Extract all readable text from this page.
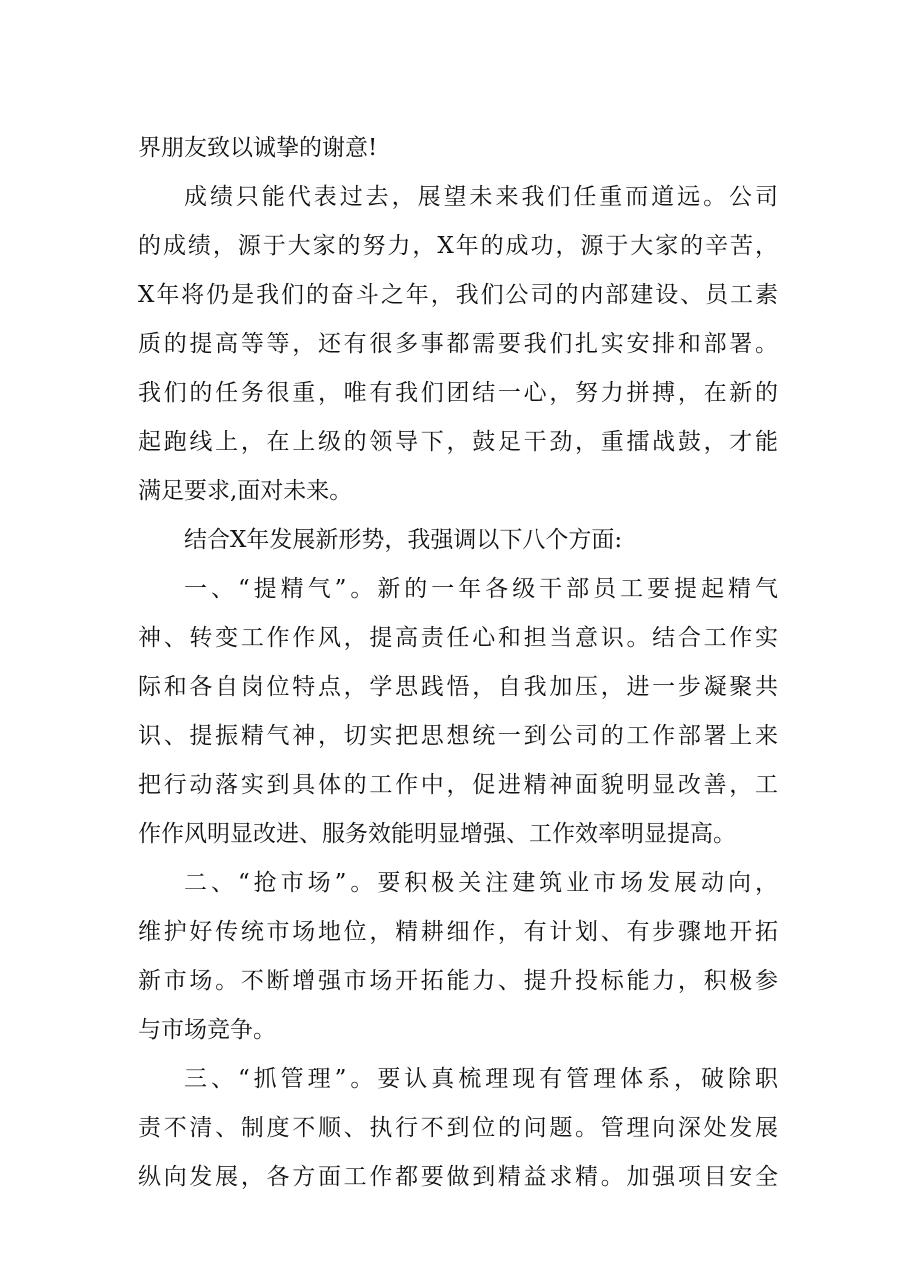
界朋友致以诚挚的谢意!
成绩只能代表过去，展望未来我们任重而道远。公司
的成绩，源于大家的努力，X年的成功，源于大家的辛苦，
X年将仍是我们的奋斗之年，我们公司的内部建设、员工素
质的提高等等，还有很多事都需要我们扎实安排和部署。
我们的任务很重，唯有我们团结一心，努力拼搏，在新的
起跑线上，在上级的领导下，鼓足干劲，重擂战鼓，才能
满足要求,面对未来。
结合X年发展新形势，我强调以下八个方面:
一、“提精气”。新的一年各级干部员工要提起精气
神、转变工作作风，提高责任心和担当意识。结合工作实
际和各自岗位特点，学思践悟，自我加压，进一步凝聚共
识、提振精气神，切实把思想统一到公司的工作部署上来
把行动落实到具体的工作中，促进精神面貌明显改善，工
作作风明显改进、服务效能明显增强、工作效率明显提高。
二、“抢市场”。要积极关注建筑业市场发展动向，
维护好传统市场地位，精耕细作，有计划、有步骤地开拓
新市场。不断增强市场开拓能力、提升投标能力，积极参
与市场竞争。
三、“抓管理”。要认真梳理现有管理体系，破除职
责不清、制度不顺、执行不到位的问题。管理向深处发展
纵向发展，各方面工作都要做到精益求精。加强项目安全
